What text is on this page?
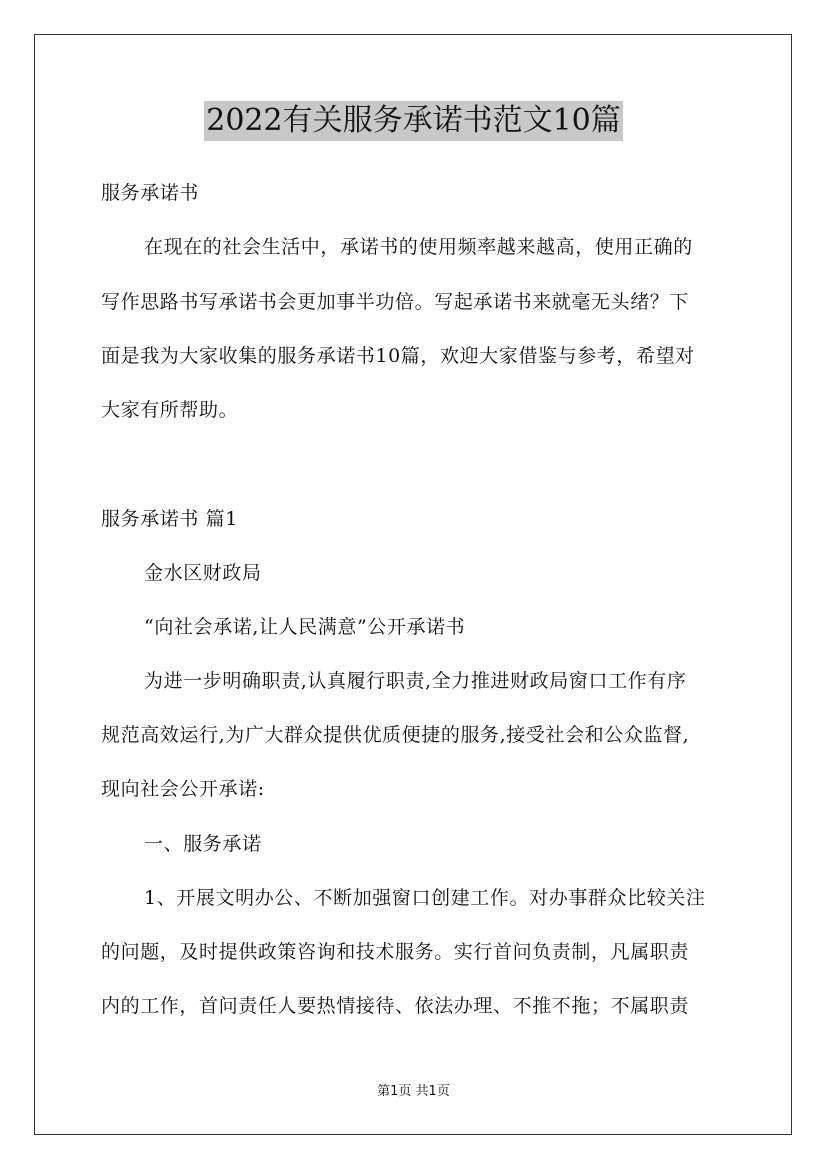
2022有关服务承诺书范文10篇
服务承诺书
在现在的社会生活中，承诺书的使用频率越来越高，使用正确的
写作思路书写承诺书会更加事半功倍。写起承诺书来就毫无头绪？下
面是我为大家收集的服务承诺书10篇，欢迎大家借鉴与参考，希望对
大家有所帮助。
服务承诺书 篇1
金水区财政局
“向社会承诺,让人民满意”公开承诺书
为进一步明确职责,认真履行职责,全力推进财政局窗口工作有序
规范高效运行,为广大群众提供优质便捷的服务,接受社会和公众监督,
现向社会公开承诺:
一、服务承诺
1、开展文明办公、不断加强窗口创建工作。对办事群众比较关注
的问题，及时提供政策咨询和技术服务。实行首问负责制，凡属职责
内的工作，首问责任人要热情接待、依法办理、不推不拖；不属职责
第1页 共1页
